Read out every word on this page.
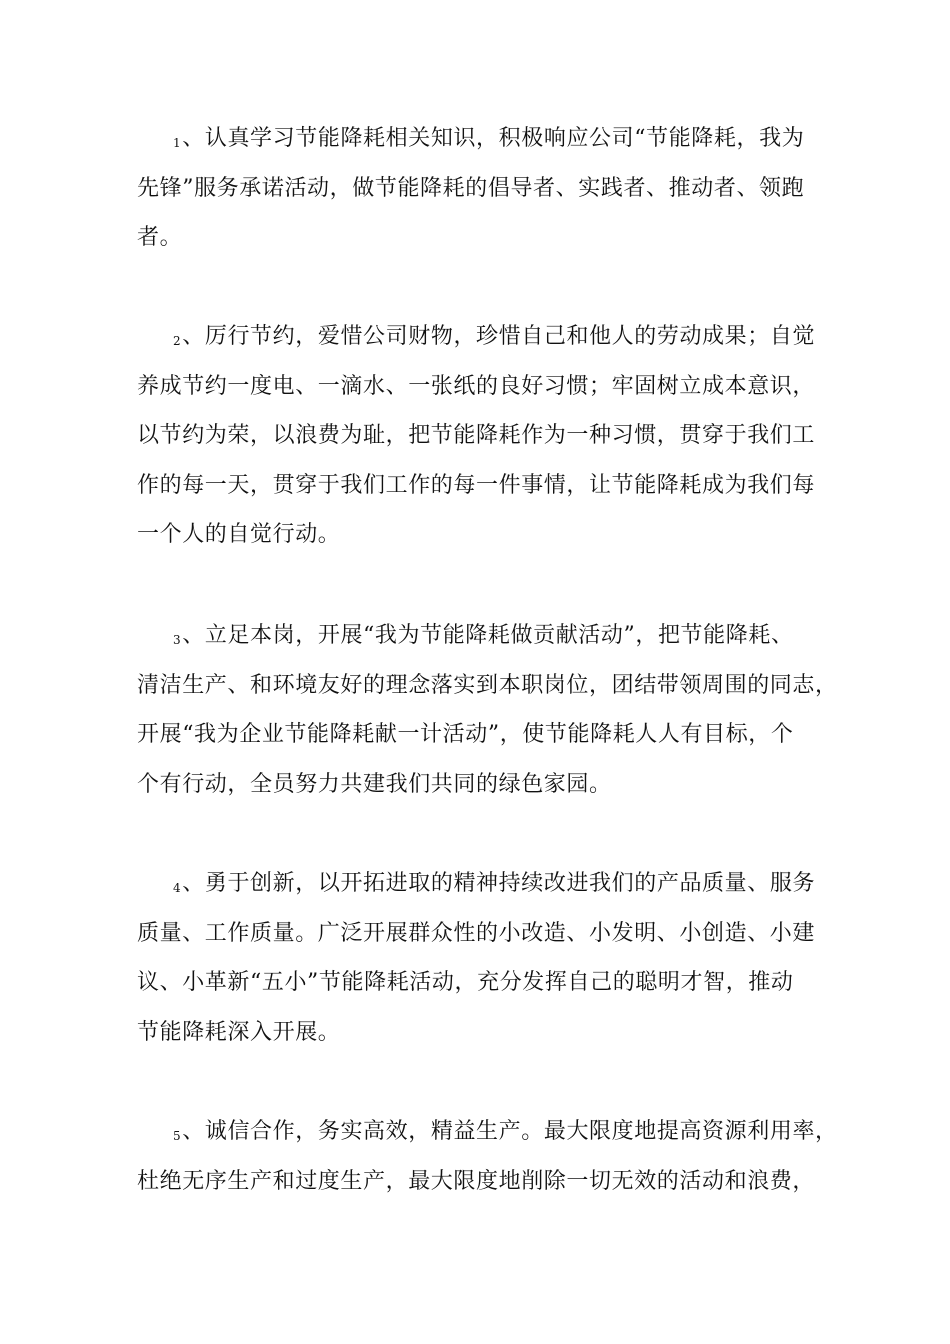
1、认真学习节能降耗相关知识，积极响应公司“节能降耗，我为
先锋”服务承诺活动，做节能降耗的倡导者、实践者、推动者、领跑
者。
2、厉行节约，爱惜公司财物，珍惜自己和他人的劳动成果；自觉
养成节约一度电、一滴水、一张纸的良好习惯；牢固树立成本意识，
以节约为荣，以浪费为耻，把节能降耗作为一种习惯，贯穿于我们工
作的每一天，贯穿于我们工作的每一件事情，让节能降耗成为我们每
一个人的自觉行动。
3、立足本岗，开展“我为节能降耗做贡献活动”，把节能降耗、
清洁生产、和环境友好的理念落实到本职岗位，团结带领周围的同志，
开展“我为企业节能降耗献一计活动”，使节能降耗人人有目标，个
个有行动，全员努力共建我们共同的绿色家园。
4、勇于创新，以开拓进取的精神持续改进我们的产品质量、服务
质量、工作质量。广泛开展群众性的小改造、小发明、小创造、小建
议、小革新“五小”节能降耗活动，充分发挥自己的聪明才智，推动
节能降耗深入开展。
5、诚信合作，务实高效，精益生产。最大限度地提高资源利用率，
杜绝无序生产和过度生产，最大限度地削除一切无效的活动和浪费，
